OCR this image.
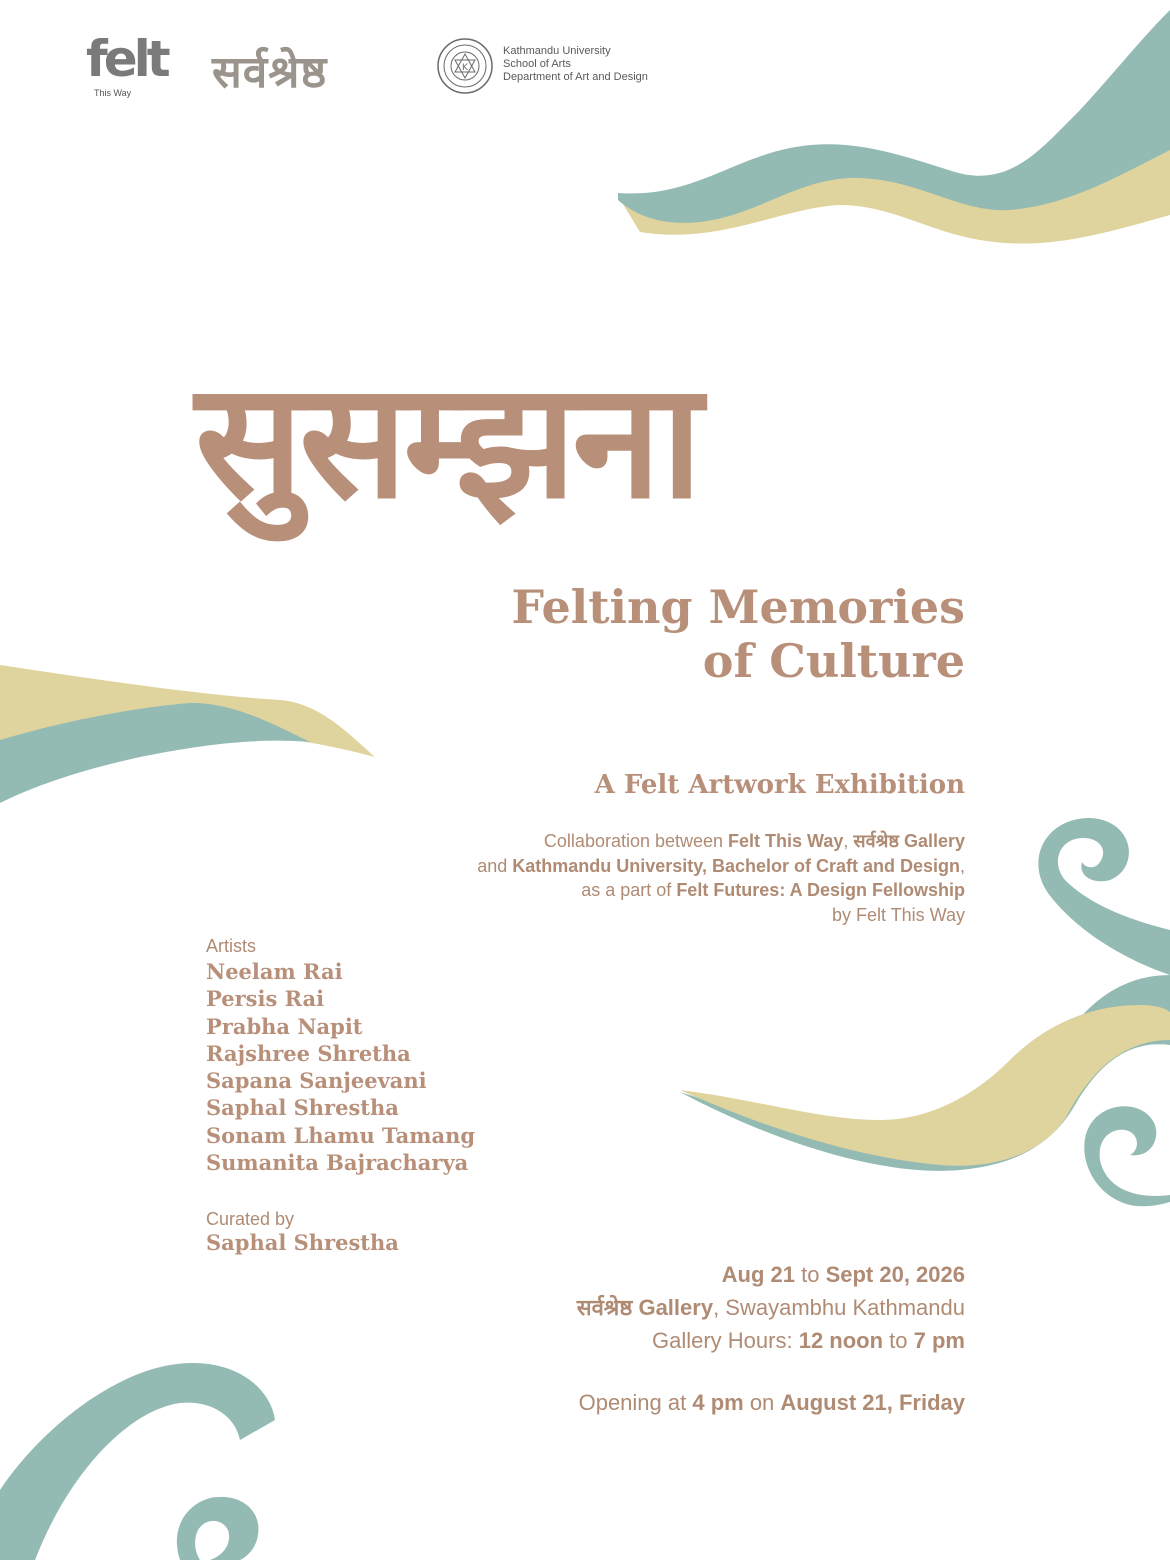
felt
This Way सर्वश्रेष्ठ	K
Kathmandu University
School of Arts
Department of Art and Design
सुसम्झना
Felting Memories
of Culture
A Felt Artwork Exhibition
Collaboration between Felt This Way, सर्वश्रेष्ठ Gallery
and Kathmandu University, Bachelor of Craft and Design,
as a part of Felt Futures: A Design Fellowship
by Felt This Way
Artists
Neelam Rai
Persis Rai
Prabha Napit
Rajshree Shretha
Sapana Sanjeevani
Saphal Shrestha
Sonam Lhamu Tamang
Sumanita Bajracharya
Curated by
Saphal Shrestha
Aug 21 to Sept 20, 2026
सर्वश्रेष्ठ Gallery, Swayambhu Kathmandu
Gallery Hours: 12 noon to 7 pm
Opening at 4 pm on August 21, Friday
